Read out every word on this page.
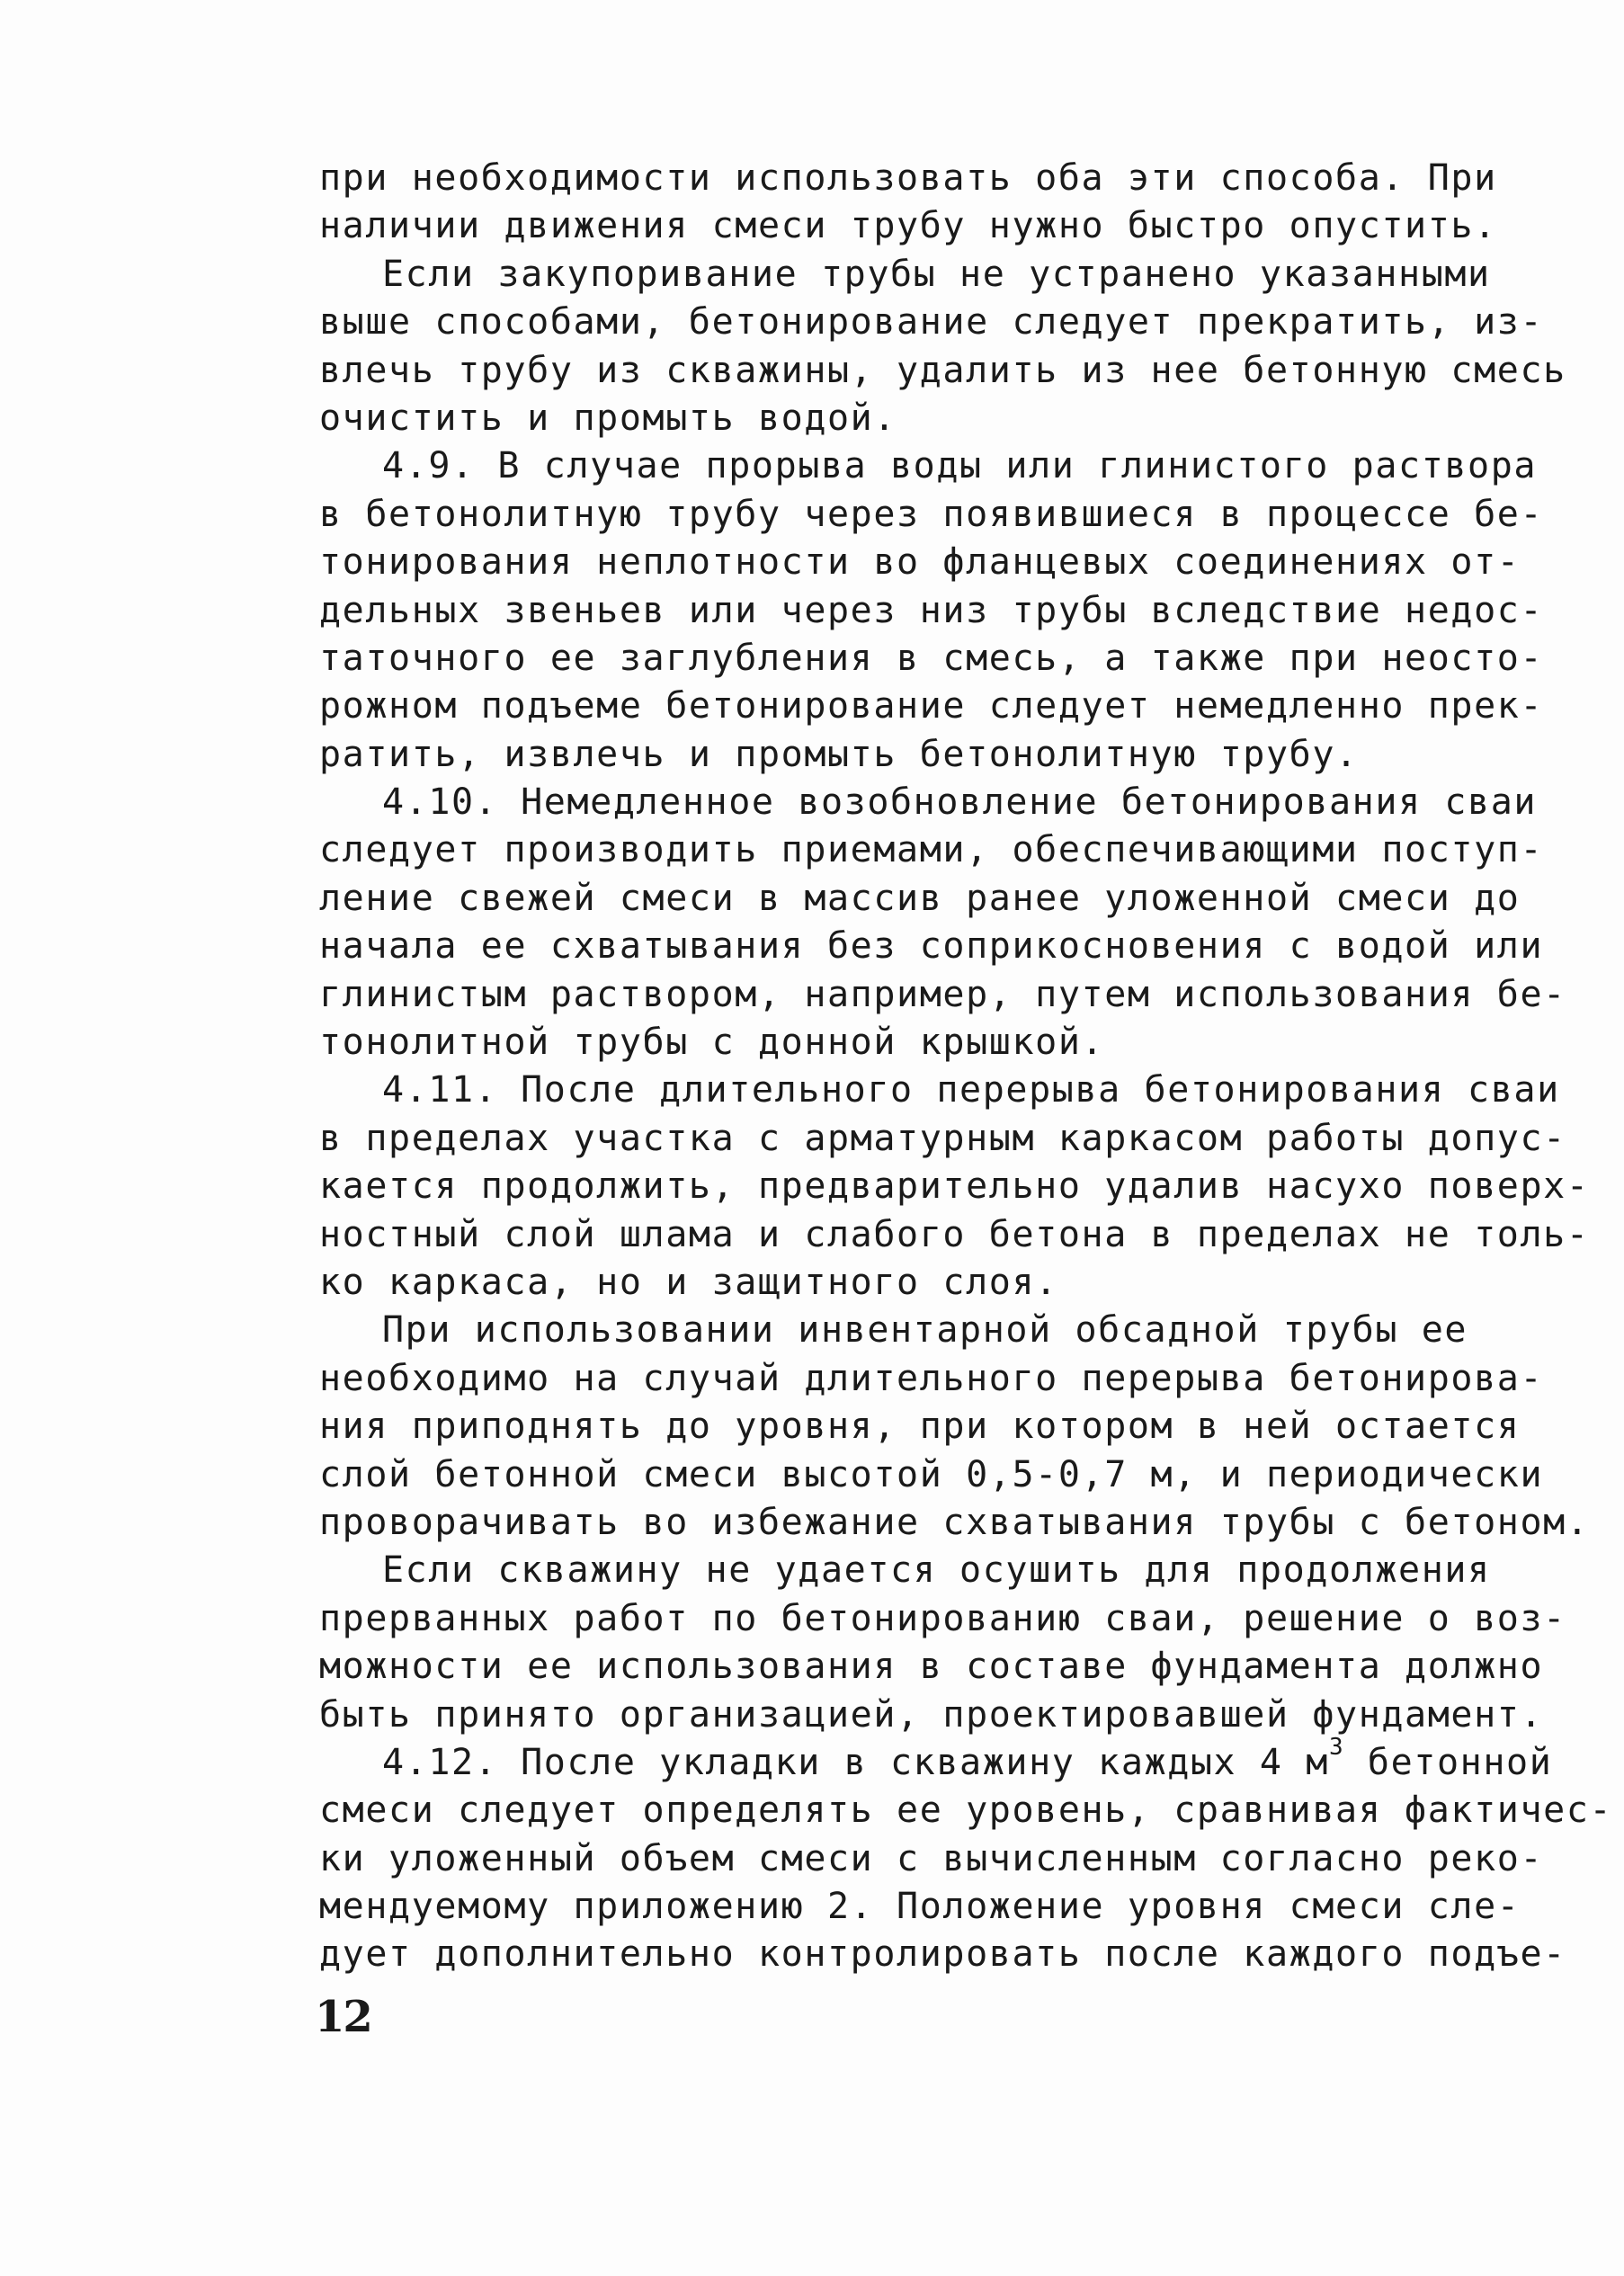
при необходимости использовать оба эти способа. При
наличии движения смеси трубу нужно быстро опустить.
Если закупоривание трубы не устранено указанными
выше способами, бетонирование следует прекратить, из-
влечь трубу из скважины, удалить из нее бетонную смесь
очистить и промыть водой.
4.9. В случае прорыва воды или глинистого раствора
в бетонолитную трубу через появившиеся в процессе бе-
тонирования неплотности во фланцевых соединениях от-
дельных звеньев или через низ трубы вследствие недос-
таточного ее заглубления в смесь, а также при неосто-
рожном подъеме бетонирование следует немедленно прек-
ратить, извлечь и промыть бетонолитную трубу.
4.10. Немедленное возобновление бетонирования сваи
следует производить приемами, обеспечивающими поступ-
ление свежей смеси в массив ранее уложенной смеси до
начала ее схватывания без соприкосновения с водой или
глинистым раствором, например, путем использования бе-
тонолитной трубы с донной крышкой.
4.11. После длительного перерыва бетонирования сваи
в пределах участка с арматурным каркасом работы допус-
кается продолжить, предварительно удалив насухо поверх-
ностный слой шлама и слабого бетона в пределах не толь-
ко каркаса, но и защитного слоя.
При использовании инвентарной обсадной трубы ее
необходимо на случай длительного перерыва бетонирова-
ния приподнять до уровня, при котором в ней остается
слой бетонной смеси высотой 0,5-0,7 м, и периодически
проворачивать во избежание схватывания трубы с бетоном.
Если скважину не удается осушить для продолжения
прерванных работ по бетонированию сваи, решение о воз-
можности ее использования в составе фундамента должно
быть принято организацией, проектировавшей фундамент.
4.12. После укладки в скважину каждых 4 $м^3$ бетонной
смеси следует определять ее уровень, сравнивая фактичес-
ки уложенный объем смеси с вычисленным согласно реко-
мендуемому приложению 2. Положение уровня смеси сле-
дует дополнительно контролировать после каждого подъе-
12
